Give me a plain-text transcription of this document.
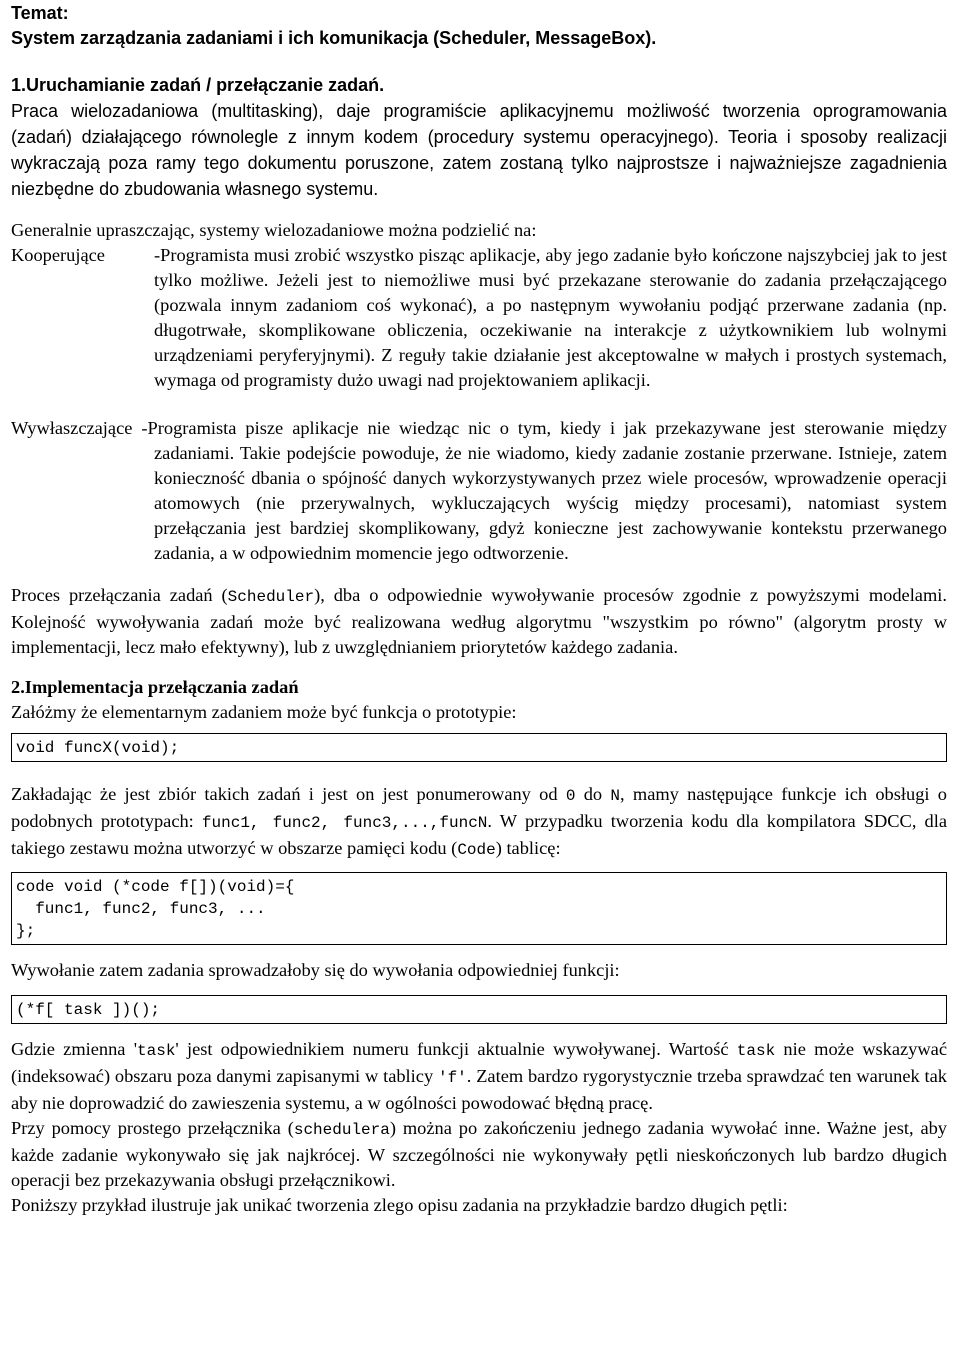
Temat:

System zarządzania zadaniami i ich komunikacja (Scheduler, MessageBox).

1.Uruchamianie zadań / przełączanie zadań.

Praca wielozadaniowa (multitasking), daje programiście aplikacyjnemu możliwość tworzenia oprogramowania (zadań) działającego równolegle z innym kodem (procedury systemu operacyjnego). Teoria i sposoby realizacji wykraczają poza ramy tego dokumentu poruszone, zatem zostaną tylko najprostsze i najważniejsze zagadnienia niezbędne do zbudowania własnego systemu.

Generalnie upraszczając, systemy wielozadaniowe można podzielić na:

Kooperujące	-Programista musi zrobić wszystko pisząc aplikacje, aby jego zadanie było kończone najszybciej jak to jest tylko możliwe. Jeżeli jest to niemożliwe musi być przekazane sterowanie do zadania przełączającego (pozwala innym zadaniom coś wykonać), a po następnym wywołaniu podjąć przerwane zadania (np. długotrwałe, skomplikowane obliczenia, oczekiwanie na interakcje z użytkownikiem lub wolnymi urządzeniami peryferyjnymi). Z reguły takie działanie jest akceptowalne w małych i prostych systemach, wymaga od programisty dużo uwagi nad projektowaniem aplikacji.

Wywłaszczające -Programista pisze aplikacje nie wiedząc nic o tym, kiedy i jak przekazywane jest sterowanie między zadaniami. Takie podejście powoduje, że nie wiadomo, kiedy zadanie zostanie przerwane. Istnieje, zatem konieczność dbania o spójność danych wykorzystywanych przez wiele procesów, wprowadzenie operacji atomowych (nie przerywalnych, wykluczających wyścig między procesami), natomiast system przełączania jest bardziej skomplikowany, gdyż konieczne jest zachowywanie kontekstu przerwanego zadania, a w odpowiednim momencie jego odtworzenie.

Proces przełączania zadań (Scheduler), dba o odpowiednie wywoływanie procesów zgodnie z powyższymi modelami. Kolejność wywoływania zadań może być realizowana według algorytmu "wszystkim po równo" (algorytm prosty w implementacji, lecz mało efektywny), lub z uwzględnianiem priorytetów każdego zadania.

2.Implementacja przełączania zadań

Załóżmy że elementarnym zadaniem może być funkcja o prototypie:

void funcX(void);

Zakładając że jest zbiór takich zadań i jest on jest ponumerowany od 0 do N, mamy następujące funkcje ich obsługi o podobnych prototypach: func1, func2, func3,...,funcN. W przypadku tworzenia kodu dla kompilatora SDCC, dla takiego zestawu można utworzyć w obszarze pamięci kodu (Code) tablicę:

code void (*code f[])(void)={
func1, func2, func3, ...
};

Wywołanie zatem zadania sprowadzałoby się do wywołania odpowiedniej funkcji:

(*f[ task ])();

Gdzie zmienna 'task' jest odpowiednikiem numeru funkcji aktualnie wywoływanej. Wartość task nie może wskazywać (indeksować) obszaru poza danymi zapisanymi w tablicy 'f'. Zatem bardzo rygorystycznie trzeba sprawdzać ten warunek tak aby nie doprowadzić do zawieszenia systemu, a w ogólności powodować błędną pracę.

Przy pomocy prostego przełącznika (schedulera) można po zakończeniu jednego zadania wywołać inne. Ważne jest, aby każde zadanie wykonywało się jak najkrócej. W szczególności nie wykonywały pętli nieskończonych lub bardzo długich operacji bez przekazywania obsługi przełącznikowi.

Poniższy przykład ilustruje jak unikać tworzenia zlego opisu zadania na przykładzie bardzo długich pętli:
